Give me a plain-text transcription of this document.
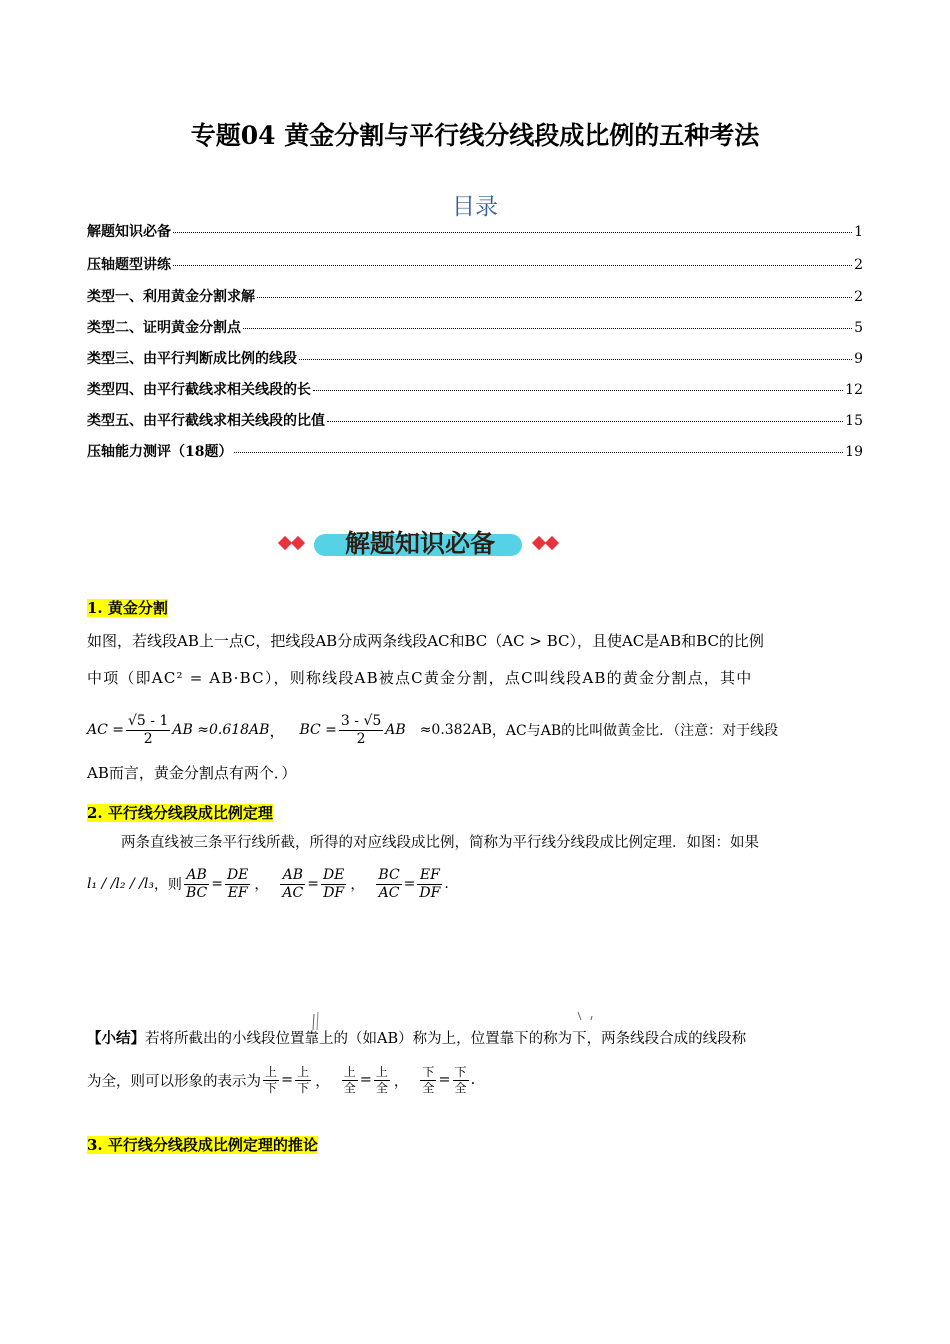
专题04 黄金分割与平行线分线段成比例的五种考法
目录
解题知识必备	1
压轴题型讲练	2
类型一、利用黄金分割求解	2
类型二、证明黄金分割点	5
类型三、由平行判断成比例的线段	9
类型四、由平行截线求相关线段的长	12
类型五、由平行截线求相关线段的比值	15
压轴能力测评（18题）	19
解题知识必备
1. 黄金分割
如图，若线段AB上一点C，把线段AB分成两条线段AC和BC（AC > BC），且使AC是AB和BC的比例
中项（即AC² = AB·BC），则称线段AB被点C黄金分割，点C叫线段AB的黄金分割点，其中
AC = $\frac{√5 - 1}{2}$ AB ≈0.618AB ，	BC = $\frac{3 - √5}{2}$ AB ≈0.382AB ，AC与AB的比叫做黄金比．（注意：对于线段
AB而言，黄金分割点有两个．）
2. 平行线分线段成比例定理
两条直线被三条平行线所截，所得的对应线段成比例，简称为平行线分线段成比例定理．如图：如果
l₁ / /l₂ / /l₃ ，则 $\frac{AB}{BC} = \frac{DE}{EF}$ ， $\frac{AB}{AC} = \frac{DE}{DF}$ ， $\frac{BC}{AC} = \frac{EF}{DF}$ .
【小结】若将所截出的小线段位置靠上的（如AB）称为上，位置靠下的称为下，两条线段合成的线段称
为全，则可以形象的表示为 $\frac{\text{上}}{\text{下}} = \frac{\text{上}}{\text{下}}$ ， $\frac{\text{上}}{\text{全}} = \frac{\text{上}}{\text{全}}$ ， $\frac{\text{下}}{\text{全}} = \frac{\text{下}}{\text{全}}$ .
3. 平行线分线段成比例定理的推论
